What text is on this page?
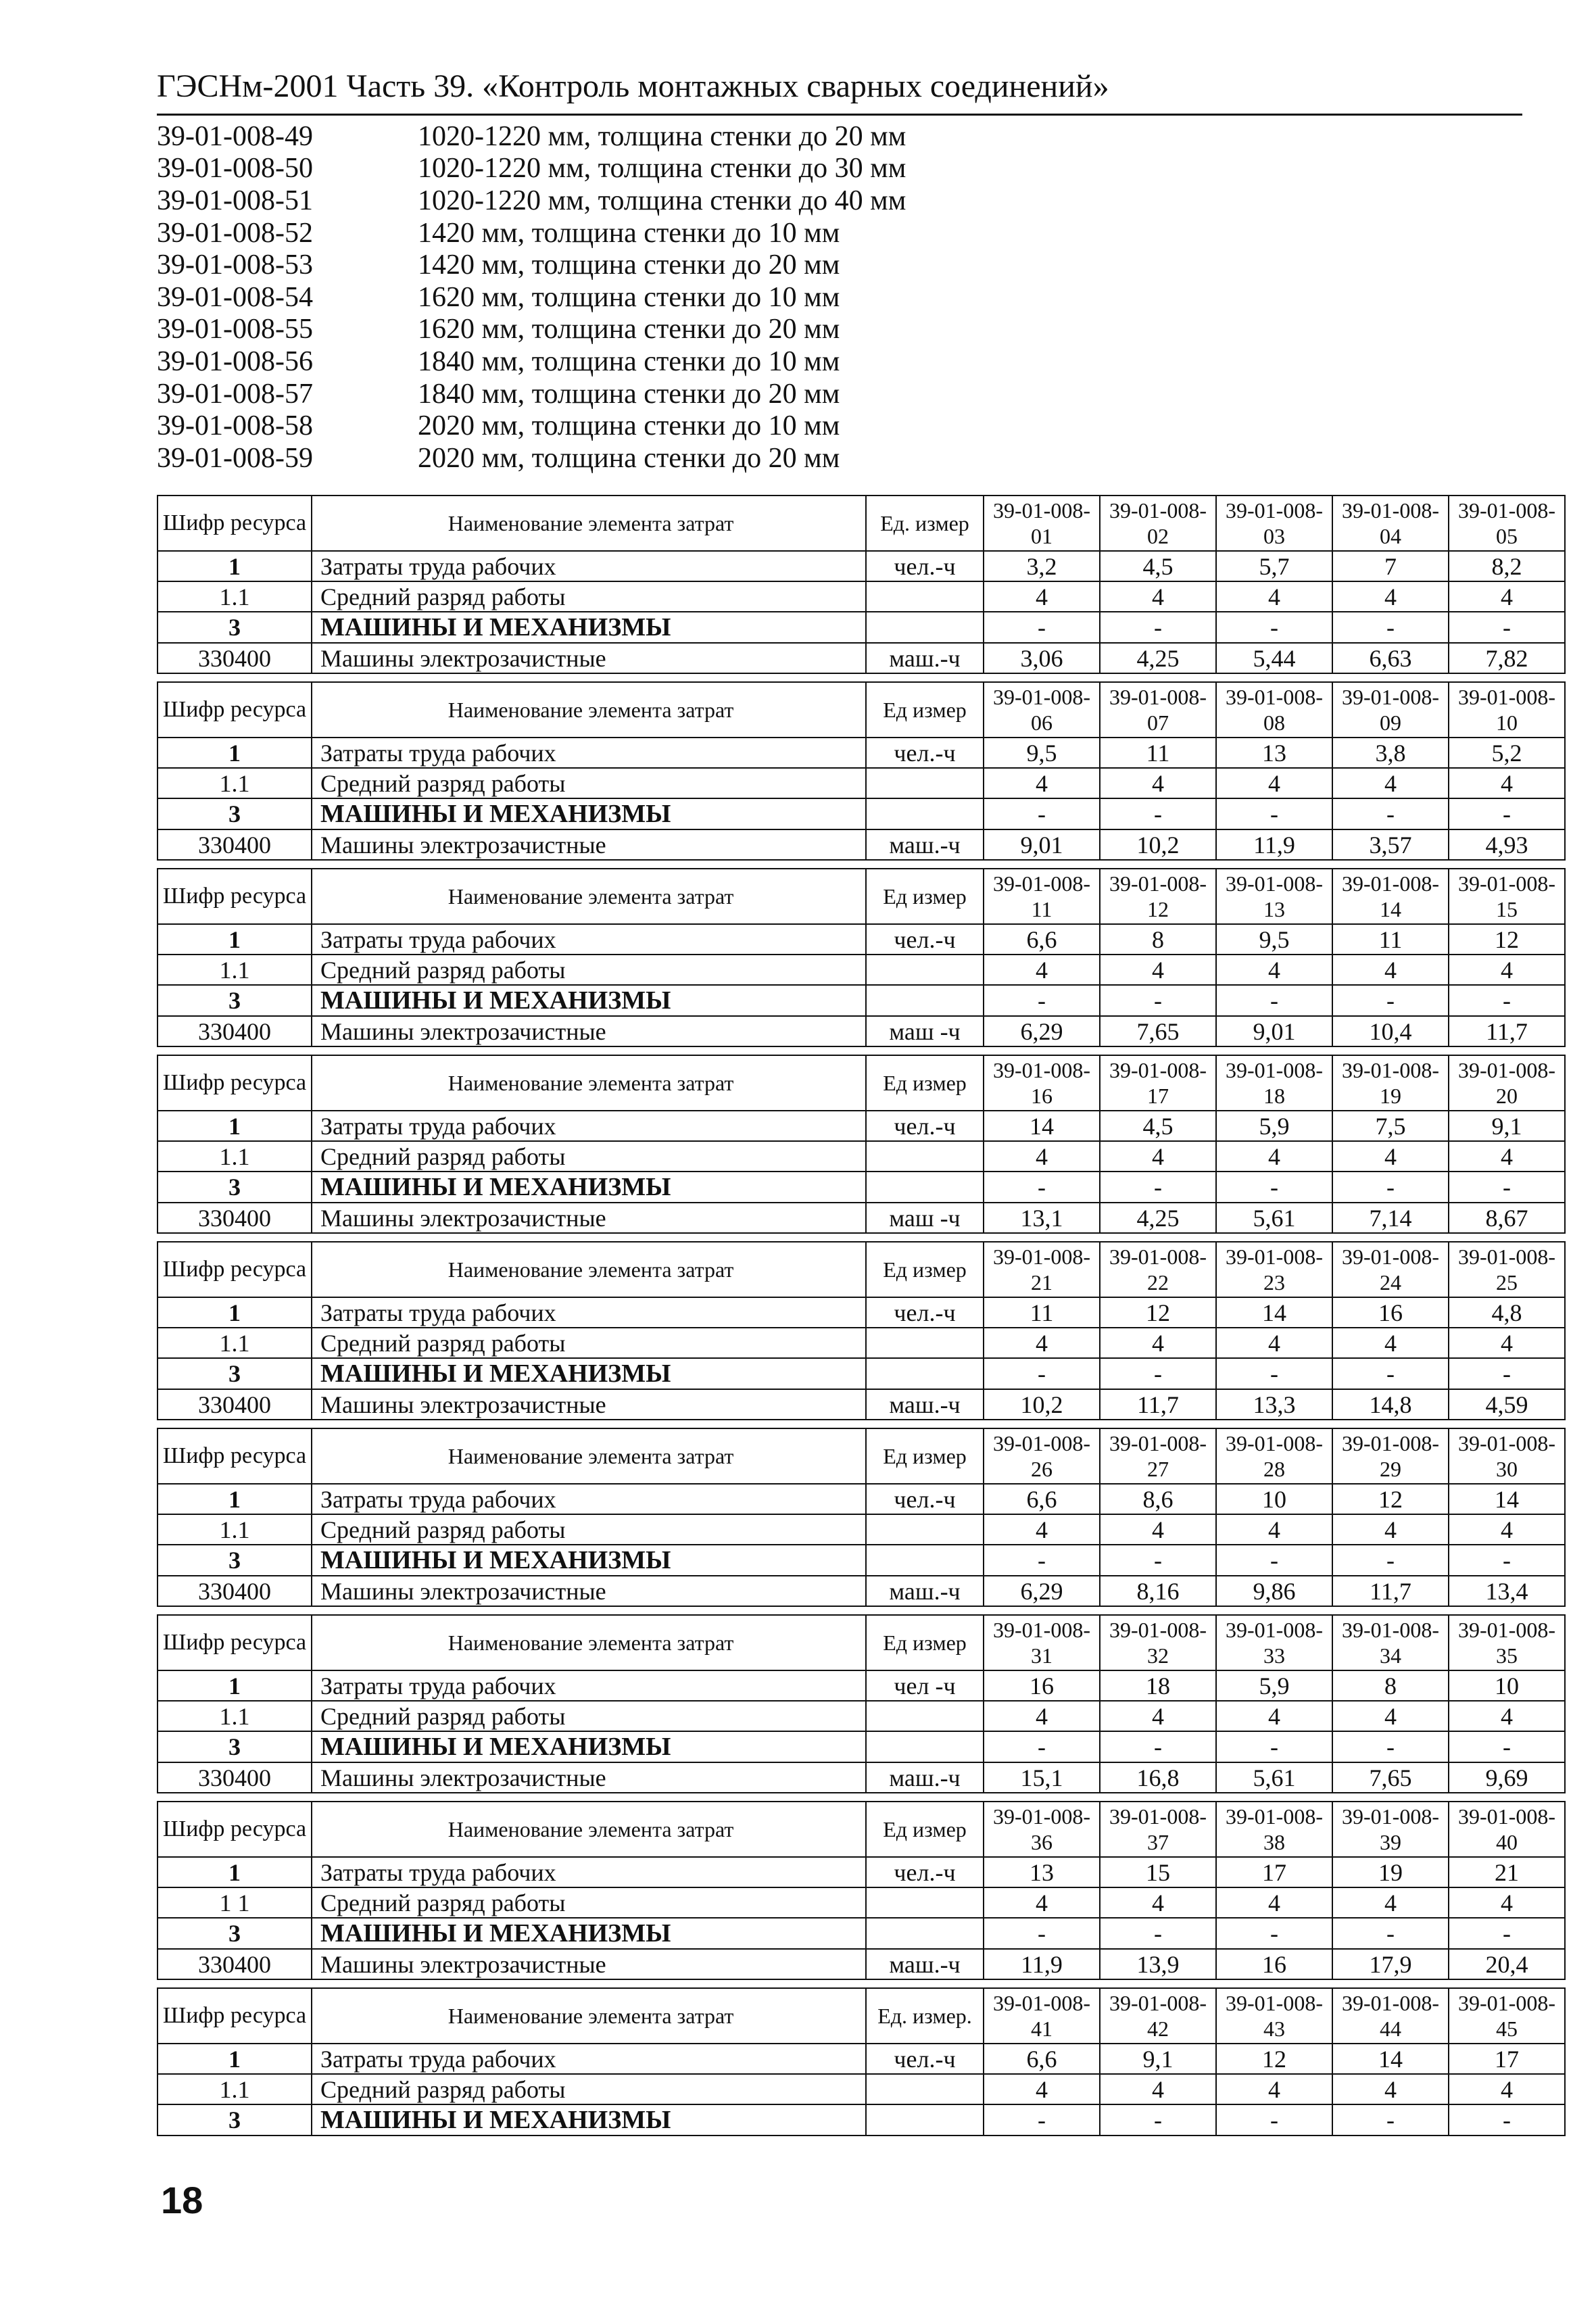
ГЭСНм-2001 Часть 39. «Контроль монтажных сварных соединений»
39-01-008-49	1020-1220 мм, толщина стенки до 20 мм
39-01-008-50	1020-1220 мм, толщина стенки до 30 мм
39-01-008-51	1020-1220 мм, толщина стенки до 40 мм
39-01-008-52	1420 мм, толщина стенки до 10 мм
39-01-008-53	1420 мм, толщина стенки до 20 мм
39-01-008-54	1620 мм, толщина стенки до 10 мм
39-01-008-55	1620 мм, толщина стенки до 20 мм
39-01-008-56	1840 мм, толщина стенки до 10 мм
39-01-008-57	1840 мм, толщина стенки до 20 мм
39-01-008-58	2020 мм, толщина стенки до 10 мм
39-01-008-59	2020 мм, толщина стенки до 20 мм
Шифр ресурса	Наименование элемента затрат	Ед. измер	39-01-008-01	39-01-008-02	39-01-008-03	39-01-008-04	39-01-008-05
1	Затраты труда рабочих	чел.-ч	3,2	4,5	5,7	7	8,2
1.1	Средний разряд работы		4	4	4	4	4
3	МАШИНЫ И МЕХАНИЗМЫ		-	-	-	-	-
330400	Машины электрозачистные	маш.-ч	3,06	4,25	5,44	6,63	7,82
Шифр ресурса	Наименование элемента затрат	Ед измер	39-01-008-06	39-01-008-07	39-01-008-08	39-01-008-09	39-01-008-10
1	Затраты труда рабочих	чел.-ч	9,5	11	13	3,8	5,2
1.1	Средний разряд работы		4	4	4	4	4
3	МАШИНЫ И МЕХАНИЗМЫ		-	-	-	-	-
330400	Машины электрозачистные	маш.-ч	9,01	10,2	11,9	3,57	4,93
Шифр ресурса	Наименование элемента затрат	Ед измер	39-01-008-11	39-01-008-12	39-01-008-13	39-01-008-14	39-01-008-15
1	Затраты труда рабочих	чел.-ч	6,6	8	9,5	11	12
1.1	Средний разряд работы		4	4	4	4	4
3	МАШИНЫ И МЕХАНИЗМЫ		-	-	-	-	-
330400	Машины электрозачистные	маш -ч	6,29	7,65	9,01	10,4	11,7
Шифр ресурса	Наименование элемента затрат	Ед измер	39-01-008-16	39-01-008-17	39-01-008-18	39-01-008-19	39-01-008-20
1	Затраты труда рабочих	чел.-ч	14	4,5	5,9	7,5	9,1
1.1	Средний разряд работы		4	4	4	4	4
3	МАШИНЫ И МЕХАНИЗМЫ		-	-	-	-	-
330400	Машины электрозачистные	маш -ч	13,1	4,25	5,61	7,14	8,67
Шифр ресурса	Наименование элемента затрат	Ед измер	39-01-008-21	39-01-008-22	39-01-008-23	39-01-008-24	39-01-008-25
1	Затраты труда рабочих	чел.-ч	11	12	14	16	4,8
1.1	Средний разряд работы		4	4	4	4	4
3	МАШИНЫ И МЕХАНИЗМЫ		-	-	-	-	-
330400	Машины электрозачистные	маш.-ч	10,2	11,7	13,3	14,8	4,59
Шифр ресурса	Наименование элемента затрат	Ед измер	39-01-008-26	39-01-008-27	39-01-008-28	39-01-008-29	39-01-008-30
1	Затраты труда рабочих	чел.-ч	6,6	8,6	10	12	14
1.1	Средний разряд работы		4	4	4	4	4
3	МАШИНЫ И МЕХАНИЗМЫ		-	-	-	-	-
330400	Машины электрозачистные	маш.-ч	6,29	8,16	9,86	11,7	13,4
Шифр ресурса	Наименование элемента затрат	Ед измер	39-01-008-31	39-01-008-32	39-01-008-33	39-01-008-34	39-01-008-35
1	Затраты труда рабочих	чел -ч	16	18	5,9	8	10
1.1	Средний разряд работы		4	4	4	4	4
3	МАШИНЫ И МЕХАНИЗМЫ		-	-	-	-	-
330400	Машины электрозачистные	маш.-ч	15,1	16,8	5,61	7,65	9,69
Шифр ресурса	Наименование элемента затрат	Ед измер	39-01-008-36	39-01-008-37	39-01-008-38	39-01-008-39	39-01-008-40
1	Затраты труда рабочих	чел.-ч	13	15	17	19	21
1 1	Средний разряд работы		4	4	4	4	4
3	МАШИНЫ И МЕХАНИЗМЫ		-	-	-	-	-
330400	Машины электрозачистные	маш.-ч	11,9	13,9	16	17,9	20,4
Шифр ресурса	Наименование элемента затрат	Ед. измер.	39-01-008-41	39-01-008-42	39-01-008-43	39-01-008-44	39-01-008-45
1	Затраты труда рабочих	чел.-ч	6,6	9,1	12	14	17
1.1	Средний разряд работы		4	4	4	4	4
3	МАШИНЫ И МЕХАНИЗМЫ		-	-	-	-	-
18
